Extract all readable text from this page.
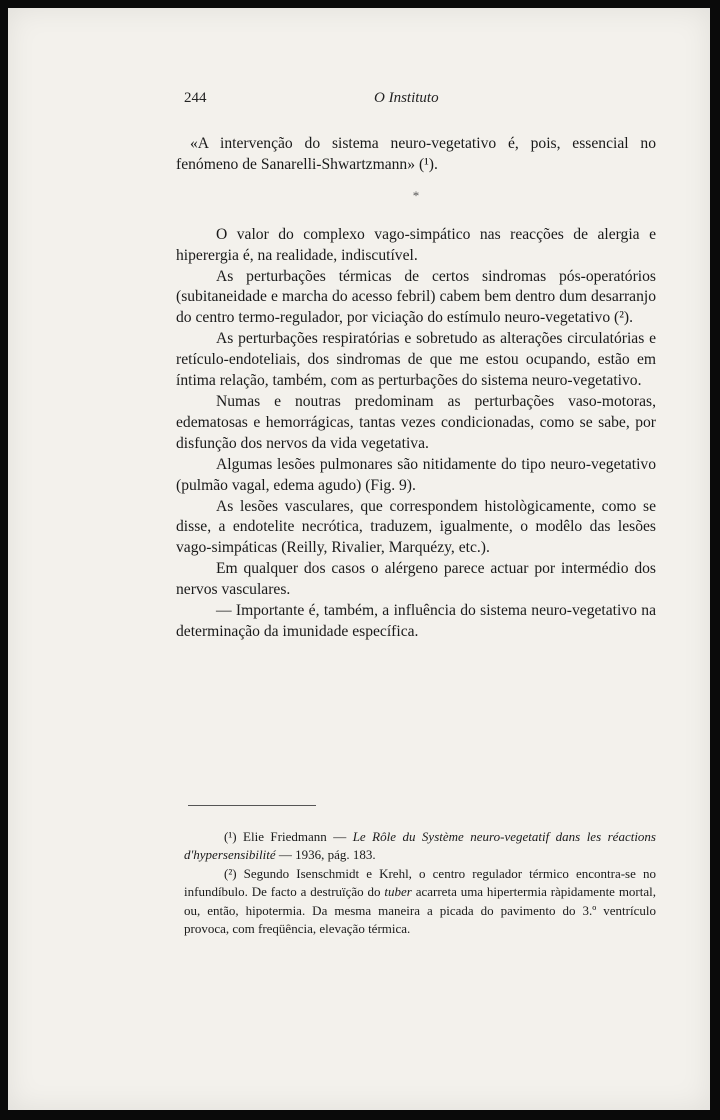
244	O Instituto

«A intervenção do sistema neuro-vegetativo é, pois, essencial no fenómeno de Sanarelli-Shwartzmann» (¹).

*

O valor do complexo vago-simpático nas reacções de alergia e hiperergia é, na realidade, indiscutível.

As perturbações térmicas de certos sindromas pós-operatórios (subitaneidade e marcha do acesso febril) cabem bem dentro dum desarranjo do centro termo-regulador, por viciação do estímulo neuro-vegetativo (²).

As perturbações respiratórias e sobretudo as alterações circulatórias e retículo-endoteliais, dos sindromas de que me estou ocupando, estão em íntima relação, também, com as perturbações do sistema neuro-vegetativo.

Numas e noutras predominam as perturbações vaso-motoras, edematosas e hemorrágicas, tantas vezes condicionadas, como se sabe, por disfunção dos nervos da vida vegetativa.

Algumas lesões pulmonares são nitidamente do tipo neuro-vegetativo (pulmão vagal, edema agudo) (Fig. 9).

As lesões vasculares, que correspondem histològicamente, como se disse, a endotelite necrótica, traduzem, igualmente, o modêlo das lesões vago-simpáticas (Reilly, Rivalier, Marquézy, etc.).

Em qualquer dos casos o alérgeno parece actuar por intermédio dos nervos vasculares.

— Importante é, também, a influência do sistema neuro-vegetativo na determinação da imunidade específica.

(¹) Elie Friedmann — Le Rôle du Système neuro-vegetatif dans les réactions d'hypersensibilité — 1936, pág. 183.

(²) Segundo Isenschmidt e Krehl, o centro regulador térmico encontra-se no infundíbulo. De facto a destruïção do tuber acarreta uma hipertermia ràpidamente mortal, ou, então, hipotermia. Da mesma maneira a picada do pavimento do 3.º ventrículo provoca, com freqüência, elevação térmica.
